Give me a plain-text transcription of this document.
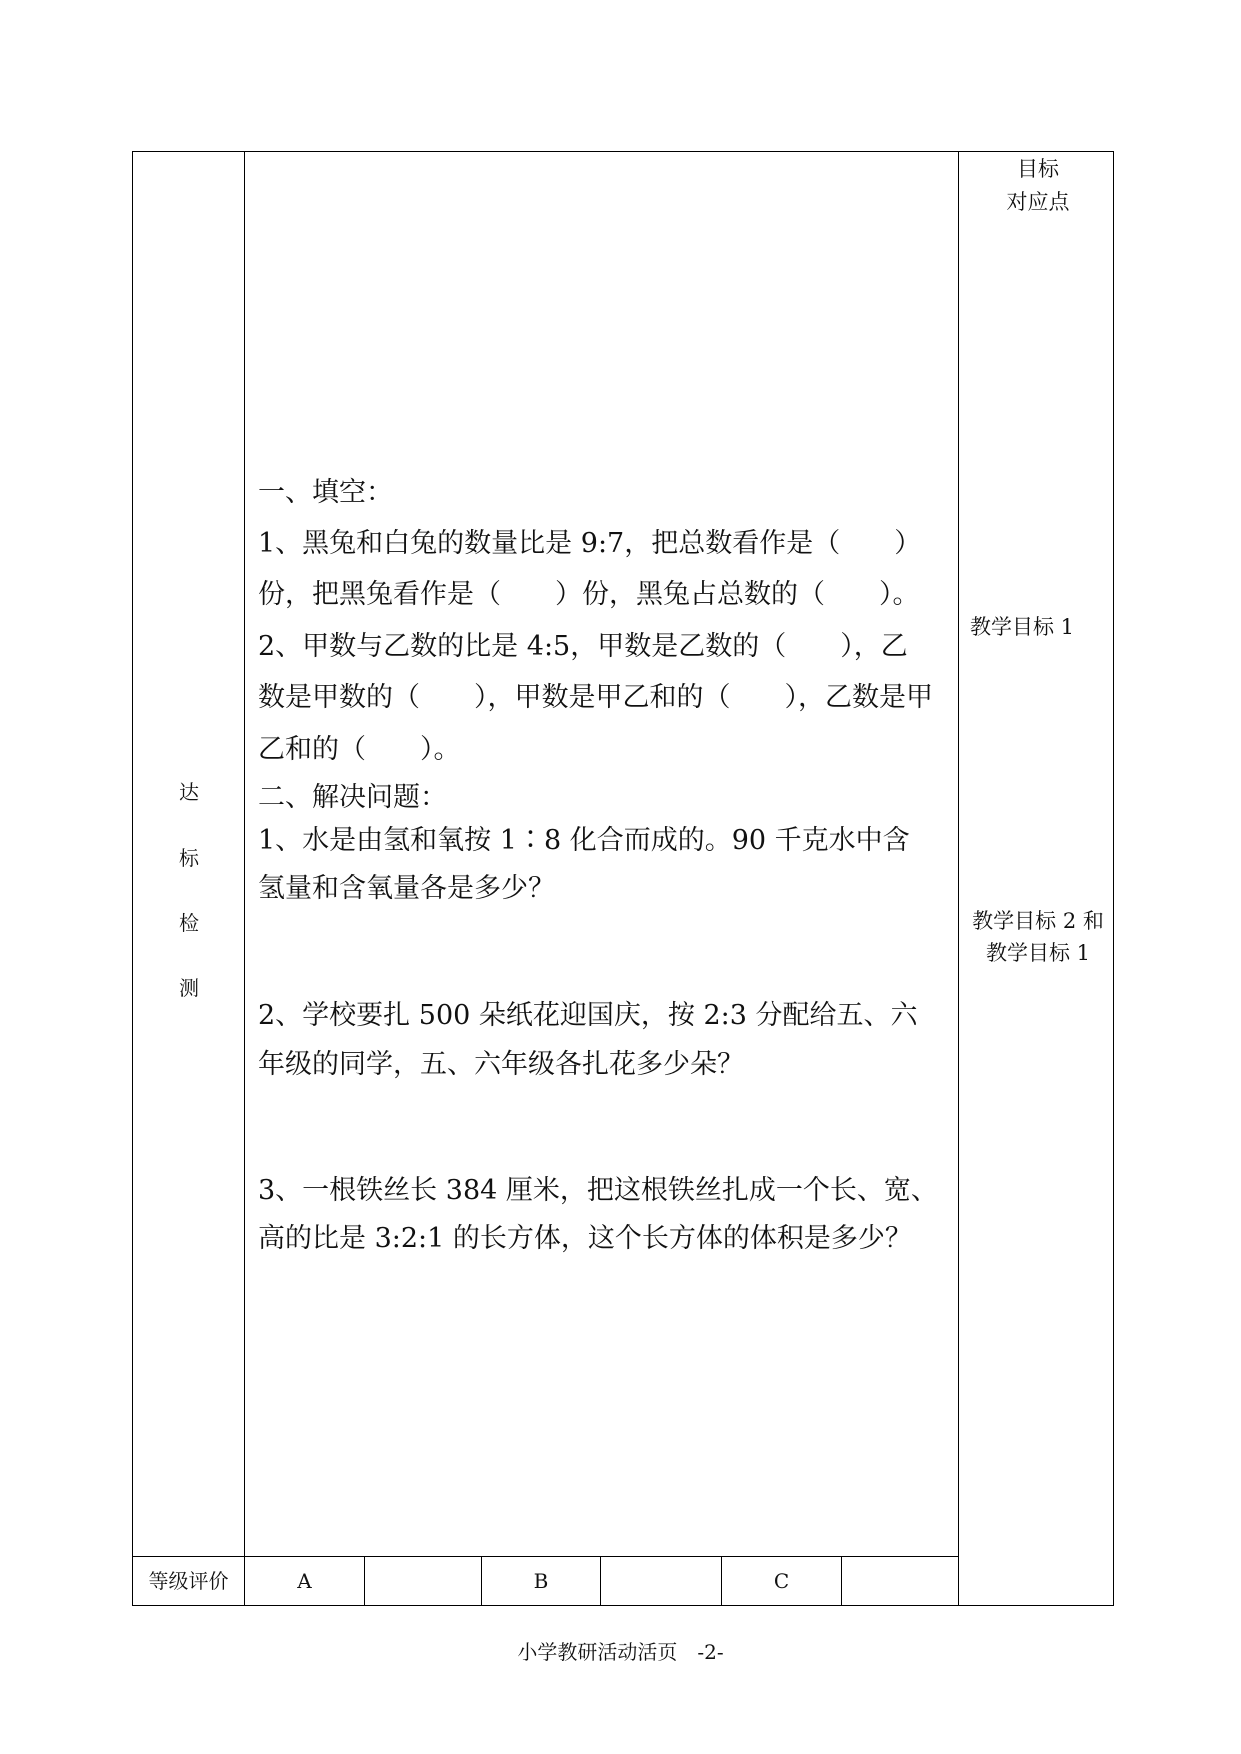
达
标
检
测
目标
对应点
教学目标 1
教学目标 2 和
教学目标 1
一、填空：
1、黑兔和白兔的数量比是 9:7，把总数看作是（　　）
份，把黑兔看作是（　　）份，黑兔占总数的（　　）。
2、甲数与乙数的比是 4:5，甲数是乙数的（　　），乙
数是甲数的（　　），甲数是甲乙和的（　　），乙数是甲
乙和的（　　）。
二、解决问题：
1、水是由氢和氧按 1∶8 化合而成的。90 千克水中含
氢量和含氧量各是多少？
2、学校要扎 500 朵纸花迎国庆，按 2:3 分配给五、六
年级的同学，五、六年级各扎花多少朵？
3、一根铁丝长 384 厘米，把这根铁丝扎成一个长、宽、
高的比是 3:2:1 的长方体，这个长方体的体积是多少？
等级评价	A	B	C
小学教研活动活页　-2-
